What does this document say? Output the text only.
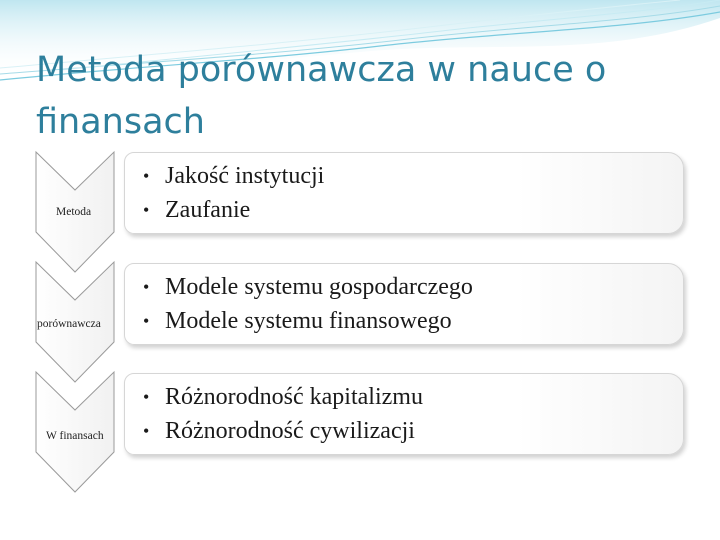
Metoda porównawcza w nauce o finansach
Metoda
porównawcza
W finansach
• Jakość instytucji
• Zaufanie
• Modele systemu gospodarczego
• Modele systemu finansowego
• Różnorodność kapitalizmu
• Różnorodność cywilizacji
